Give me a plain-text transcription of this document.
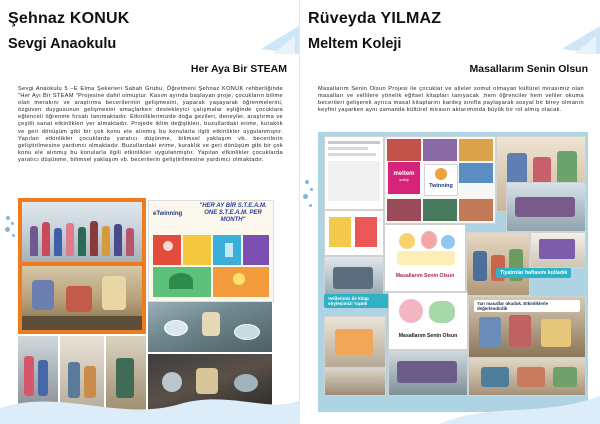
Şehnaz KONUK
Sevgi Anaokulu
Her Aya Bir STEAM
Sevgi Anaokulu 5 –E Elma Şekerleri Sabah Grubu, Öğretmeni Şehnaz KONUK rehberliğinde "Her Ayı Bir STEAM "Projesine dahil olmuştur. Kasım ayında başlayan proje, çocukların bilime olan merakını ve araştırma becerilerinin gelişmesini, yaparak yaşayarak öğrenmelerini, özgüven duygusunun gelişmesini amaçlarken destekleyici çalışmalar eşliğinde çocuklara eğlenceli öğrenme fırsatı tanımaktadır. Etkinliklerimizde doğa gezileri, deneyler, araştırma ve çeşitli sanat etkinlikleri yer almaktadır. Projede iklim değişikleri, buzullardaki erime, kuraklık ve geri dönüşüm gibi bir çok konu ele alınmış bu konularla ilgili etkinlikler uygulanmıştır. Yapılan etkinlikler çocuklarda yaratıcı düşünme, bilimsel yaklaşım vb. becerilerin geliştirilmesine yardımcı olmaktadır. Buzullardaki erime, kuraklık ve geri dönüşüm gibi bir çok konu ele alınmış bu konularla ilgili etkinlikler uygulanmıştır. Yapılan etkinlikler çocuklarda yaratıcı düşünme, bilimsel yaklaşım vb. becerilerin geliştirilmesine yardımcı olmaktadır.
eTwinning
"HER AY BİR S.T.E.A.M. ONE S.T.E.A.M. PER MONTH"
Rüveyda YILMAZ
Meltem Koleji
Masallarım Senin Olsun
Masallarım Senin Olsun Projesi ile çocuklar ve aileler somut olmayan kültürel mirasımız olan masalları ve vellilere yönelik eğitsel kitapları tanıyacak ;hem öğrenciler hem veliler okuma becerileri gelişerek ayrıca masal kitaplarını kardeş sınıfla paylaşarak sosyal bir birey olmanın keyfini yaşarken aynı zamanda kültürel mirasın aktarımında büyük bir rol almış olacak.
meltem
koleji
Twinning
Masallarım Senin Olsun	Tiyatrolar haftasını kutladık
Velilerimiz ile kitap söyleşimizi Yaptık
Masallarım Senin Olsun
Yarı masallar okuduk. Etkinliklerle değerlendirdik
